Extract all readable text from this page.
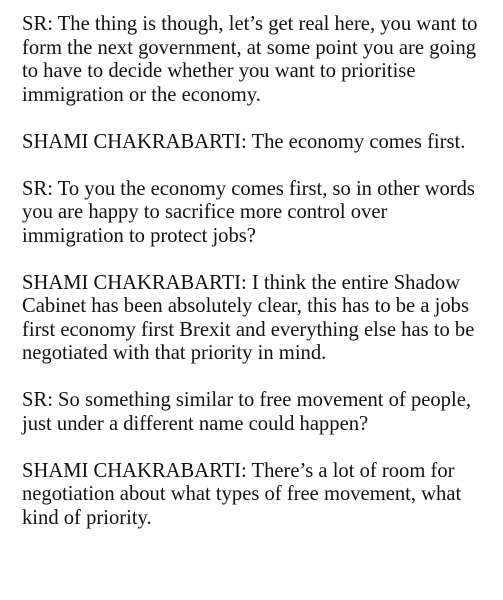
SR: The thing is though, let’s get real here, you want to
form the next government, at some point you are going
to have to decide whether you want to prioritise
immigration or the economy.

SHAMI CHAKRABARTI: The economy comes first.

SR: To you the economy comes first, so in other words
you are happy to sacrifice more control over
immigration to protect jobs?

SHAMI CHAKRABARTI: I think the entire Shadow
Cabinet has been absolutely clear, this has to be a jobs
first economy first Brexit and everything else has to be
negotiated with that priority in mind.

SR: So something similar to free movement of people,
just under a different name could happen?

SHAMI CHAKRABARTI: There’s a lot of room for
negotiation about what types of free movement, what
kind of priority.
